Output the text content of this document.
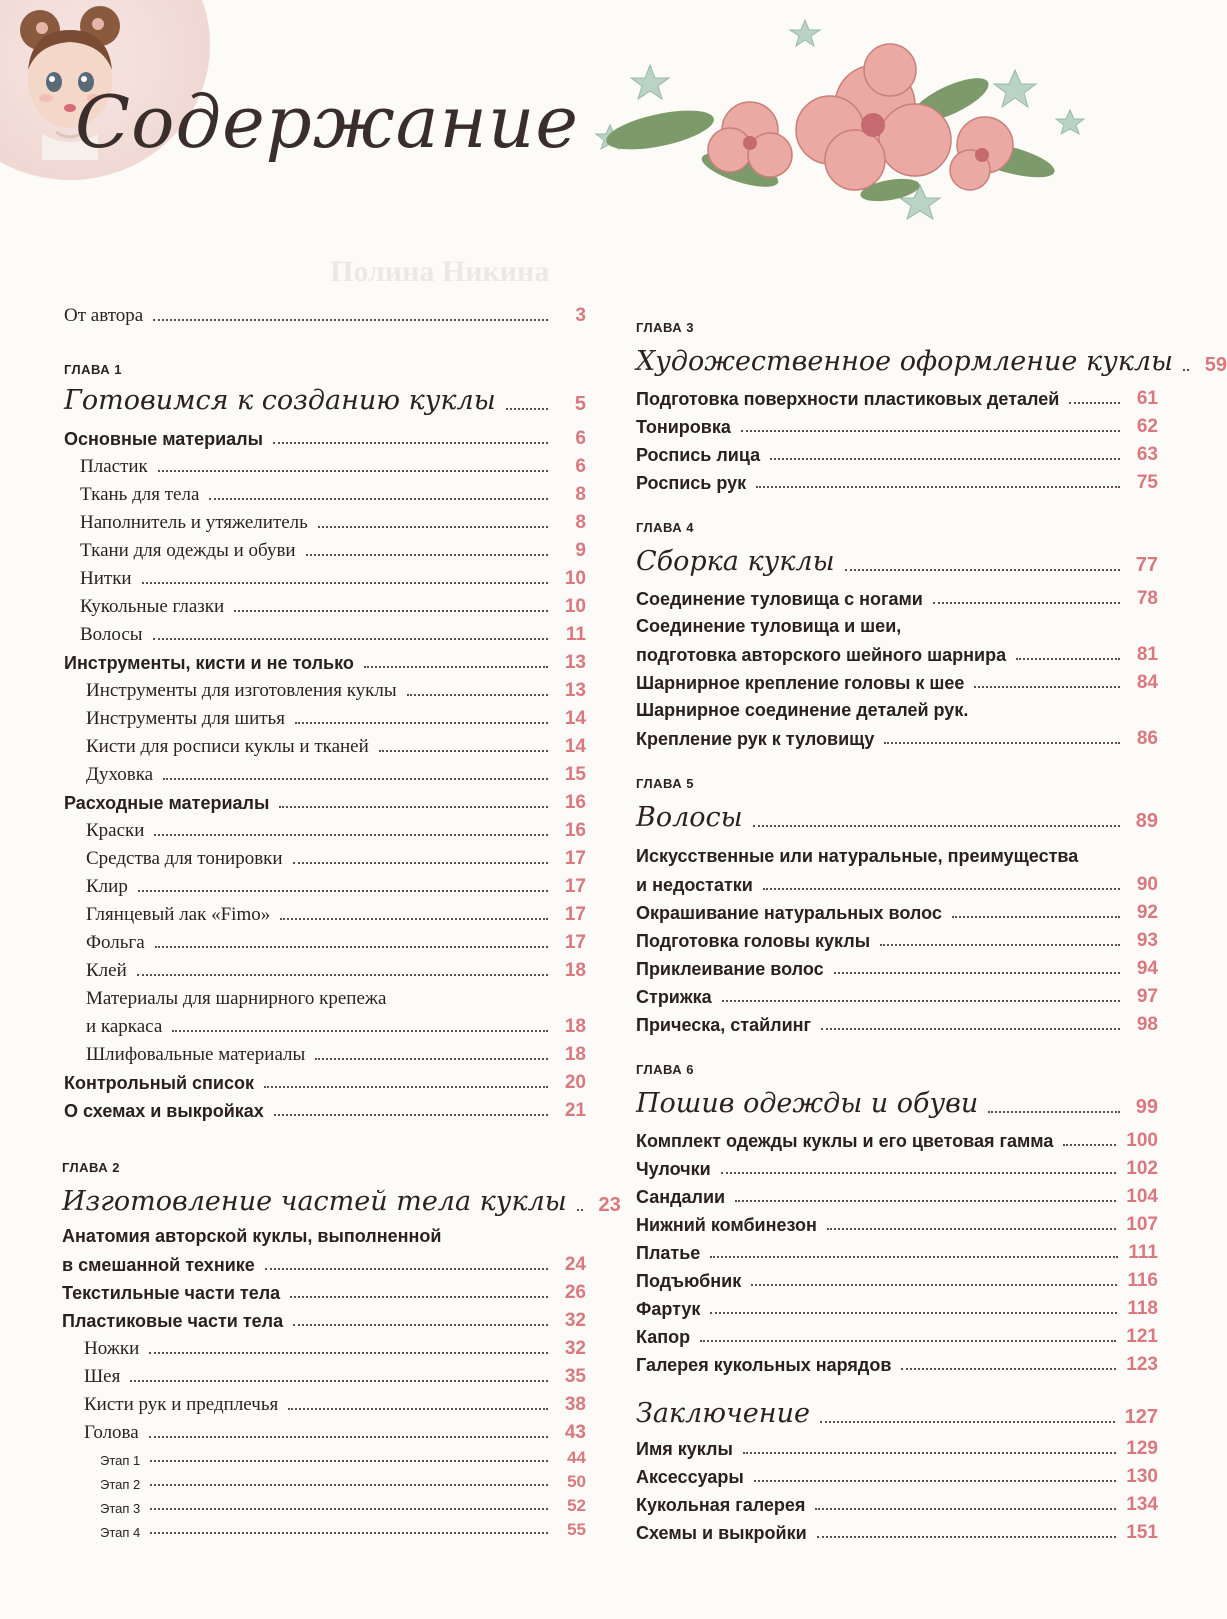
Содержание
Полина Никина
От автора	3
ГЛАВА 1
Готовимся к созданию куклы	5
Основные материалы	6
Пластик	6
Ткань для тела	8
Наполнитель и утяжелитель	8
Ткани для одежды и обуви	9
Нитки	10
Кукольные глазки	10
Волосы	11
Инструменты, кисти и не только	13
Инструменты для изготовления куклы	13
Инструменты для шитья	14
Кисти для росписи куклы и тканей	14
Духовка	15
Расходные материалы	16
Краски	16
Средства для тонировки	17
Клир	17
Глянцевый лак «Fimo»	17
Фольга	17
Клей	18
Материалы для шарнирного крепежа
и каркаса	18
Шлифовальные материалы	18
Контрольный список	20
О схемах и выкройках	21
ГЛАВА 2
Изготовление частей тела куклы 23
Анатомия авторской куклы, выполненной
в смешанной технике	24
Текстильные части тела	26
Пластиковые части тела	32
Ножки	32
Шея	35
Кисти рук и предплечья	38
Голова	43
Этап 1	44
Этап 2	50
Этап 3	52
Этап 4	55
ГЛАВА 3
Художественное оформление куклы 59
Подготовка поверхности пластиковых деталей	61
Тонировка	62
Роспись лица	63
Роспись рук	75
ГЛАВА 4
Сборка куклы	77
Соединение туловища с ногами	78
Соединение туловища и шеи,
подготовка авторского шейного шарнира	81
Шарнирное крепление головы к шее	84
Шарнирное соединение деталей рук.
Крепление рук к туловищу	86
ГЛАВА 5
Волосы	89
Искусственные или натуральные, преимущества
и недостатки	90
Окрашивание натуральных волос	92
Подготовка головы куклы	93
Приклеивание волос	94
Стрижка	97
Прическа, стайлинг	98
ГЛАВА 6
Пошив одежды и обуви	99
Комплект одежды куклы и его цветовая гамма	100
Чулочки	102
Сандалии	104
Нижний комбинезон	107
Платье	111
Подъюбник	116
Фартук	118
Капор	121
Галерея кукольных нарядов	123
Заключение	127
Имя куклы	129
Аксессуары	130
Кукольная галерея	134
Схемы и выкройки	151
